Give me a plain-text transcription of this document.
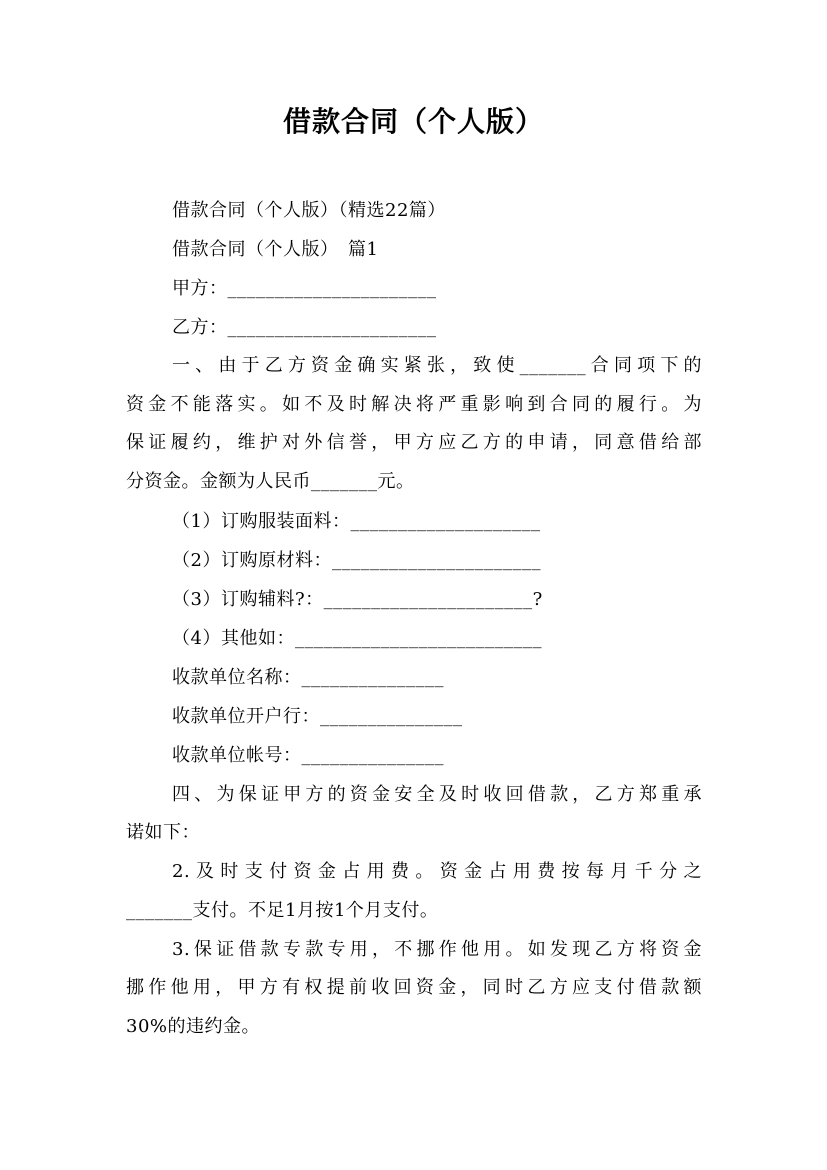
借款合同（个人版）
借款合同（个人版）（精选22篇）
借款合同（个人版）　篇1
甲方：______________________
乙方：______________________
一、由于乙方资金确实紧张，致使_______合同项下的
资金不能落实。如不及时解决将严重影响到合同的履行。为
保证履约，维护对外信誉，甲方应乙方的申请，同意借给部
分资金。金额为人民币_______元。
（1）订购服装面料：____________________
（2）订购原材料：______________________
（3）订购辅料?：______________________?
（4）其他如：__________________________
收款单位名称：_______________
收款单位开户行：_______________
收款单位帐号：_______________
四、为保证甲方的资金安全及时收回借款，乙方郑重承
诺如下：
2.及时支付资金占用费。资金占用费按每月千分之
_______支付。不足1月按1个月支付。
3.保证借款专款专用，不挪作他用。如发现乙方将资金
挪作他用，甲方有权提前收回资金，同时乙方应支付借款额
30%的违约金。
